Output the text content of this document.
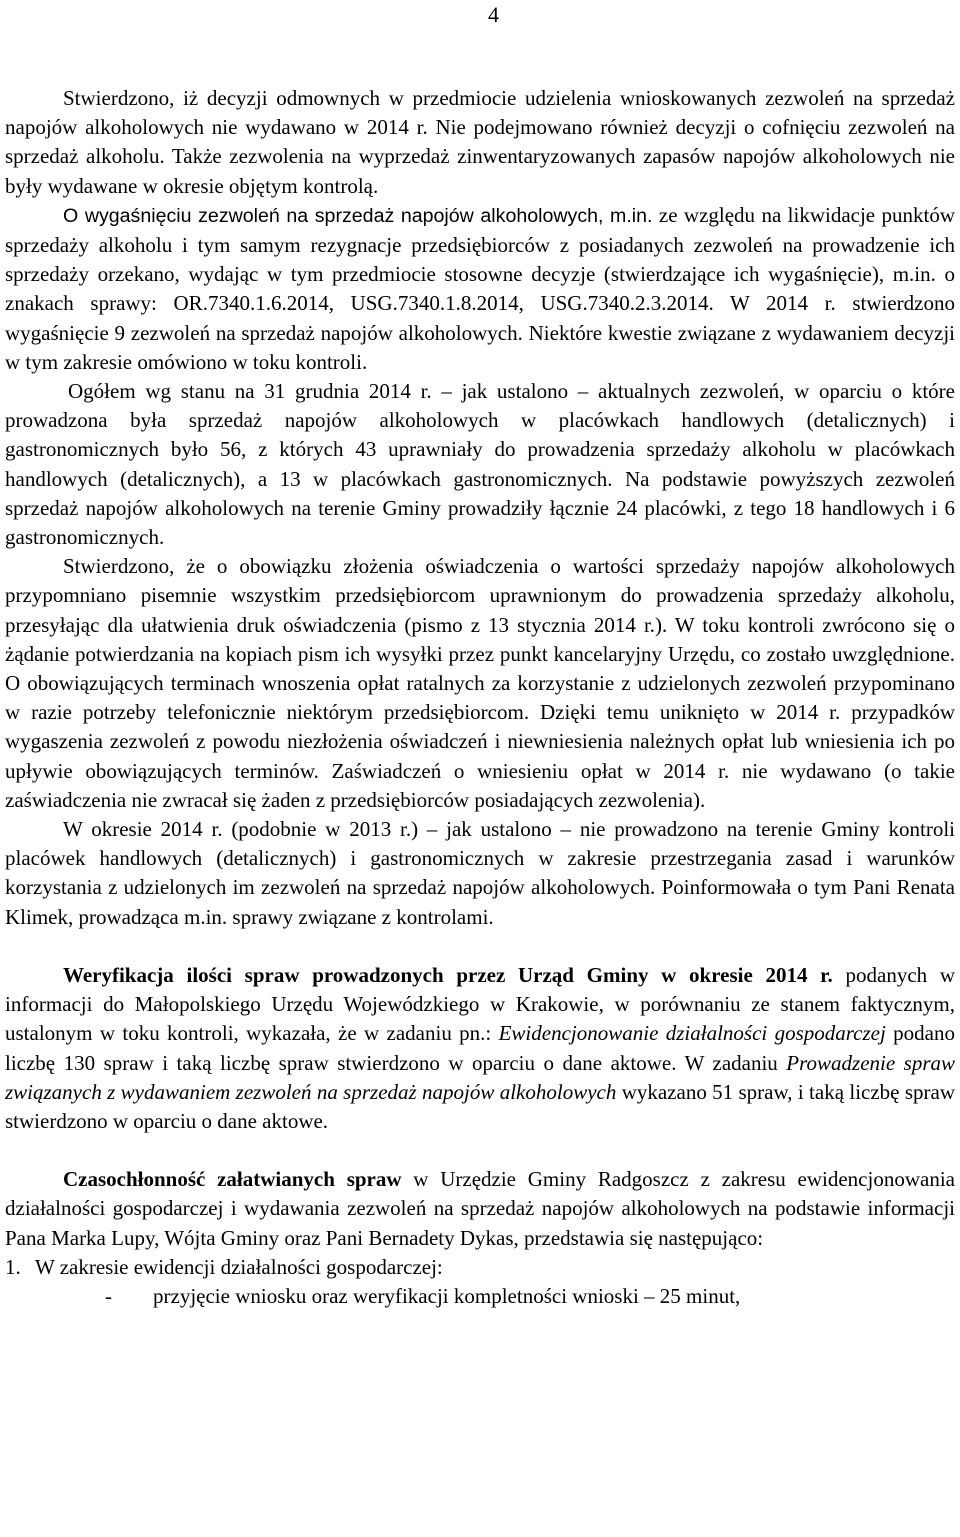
4

Stwierdzono, iż decyzji odmownych w przedmiocie udzielenia wnioskowanych zezwoleń na sprzedaż napojów alkoholowych nie wydawano w 2014 r. Nie podejmowano również decyzji o cofnięciu zezwoleń na sprzedaż alkoholu. Także zezwolenia na wyprzedaż zinwentaryzowanych zapasów napojów alkoholowych nie były wydawane w okresie objętym kontrolą.

O wygaśnięciu zezwoleń na sprzedaż napojów alkoholowych, m.in. ze względu na likwidacje punktów sprzedaży alkoholu i tym samym rezygnacje przedsiębiorców z posiadanych zezwoleń na prowadzenie ich sprzedaży orzekano, wydając w tym przedmiocie stosowne decyzje (stwierdzające ich wygaśnięcie), m.in. o znakach sprawy: OR.7340.1.6.2014, USG.7340.1.8.2014, USG.7340.2.3.2014. W 2014 r. stwierdzono wygaśnięcie 9 zezwoleń na sprzedaż napojów alkoholowych. Niektóre kwestie związane z wydawaniem decyzji w tym zakresie omówiono w toku kontroli.

Ogółem wg stanu na 31 grudnia 2014 r. – jak ustalono – aktualnych zezwoleń, w oparciu o które prowadzona była sprzedaż napojów alkoholowych w placówkach handlowych (detalicznych) i gastronomicznych było 56, z których 43 uprawniały do prowadzenia sprzedaży alkoholu w placówkach handlowych (detalicznych), a 13 w placówkach gastronomicznych. Na podstawie powyższych zezwoleń sprzedaż napojów alkoholowych na terenie Gminy prowadziły łącznie 24 placówki, z tego 18 handlowych i 6 gastronomicznych.

Stwierdzono, że o obowiązku złożenia oświadczenia o wartości sprzedaży napojów alkoholowych przypomniano pisemnie wszystkim przedsiębiorcom uprawnionym do prowadzenia sprzedaży alkoholu, przesyłając dla ułatwienia druk oświadczenia (pismo z 13 stycznia 2014 r.). W toku kontroli zwrócono się o żądanie potwierdzania na kopiach pism ich wysyłki przez punkt kancelaryjny Urzędu, co zostało uwzględnione. O obowiązujących terminach wnoszenia opłat ratalnych za korzystanie z udzielonych zezwoleń przypominano w razie potrzeby telefonicznie niektórym przedsiębiorcom. Dzięki temu uniknięto w 2014 r. przypadków wygaszenia zezwoleń z powodu niezłożenia oświadczeń i niewniesienia należnych opłat lub wniesienia ich po upływie obowiązujących terminów. Zaświadczeń o wniesieniu opłat w 2014 r. nie wydawano (o takie zaświadczenia nie zwracał się żaden z przedsiębiorców posiadających zezwolenia).

W okresie 2014 r. (podobnie w 2013 r.) – jak ustalono – nie prowadzono na terenie Gminy kontroli placówek handlowych (detalicznych) i gastronomicznych w zakresie przestrzegania zasad i warunków korzystania z udzielonych im zezwoleń na sprzedaż napojów alkoholowych. Poinformowała o tym Pani Renata Klimek, prowadząca m.in. sprawy związane z kontrolami.

Weryfikacja ilości spraw prowadzonych przez Urząd Gminy w okresie 2014 r. podanych w informacji do Małopolskiego Urzędu Wojewódzkiego w Krakowie, w porównaniu ze stanem faktycznym, ustalonym w toku kontroli, wykazała, że w zadaniu pn.: Ewidencjonowanie działalności gospodarczej podano liczbę 130 spraw i taką liczbę spraw stwierdzono w oparciu o dane aktowe. W zadaniu Prowadzenie spraw związanych z wydawaniem zezwoleń na sprzedaż napojów alkoholowych wykazano 51 spraw, i taką liczbę spraw stwierdzono w oparciu o dane aktowe.

Czasochłonność załatwianych spraw w Urzędzie Gminy Radgoszcz z zakresu ewidencjonowania działalności gospodarczej i wydawania zezwoleń na sprzedaż napojów alkoholowych na podstawie informacji Pana Marka Lupy, Wójta Gminy oraz Pani Bernadety Dykas, przedstawia się następująco:

1. W zakresie ewidencji działalności gospodarczej:

- przyjęcie wniosku oraz weryfikacji kompletności wnioski – 25 minut,
